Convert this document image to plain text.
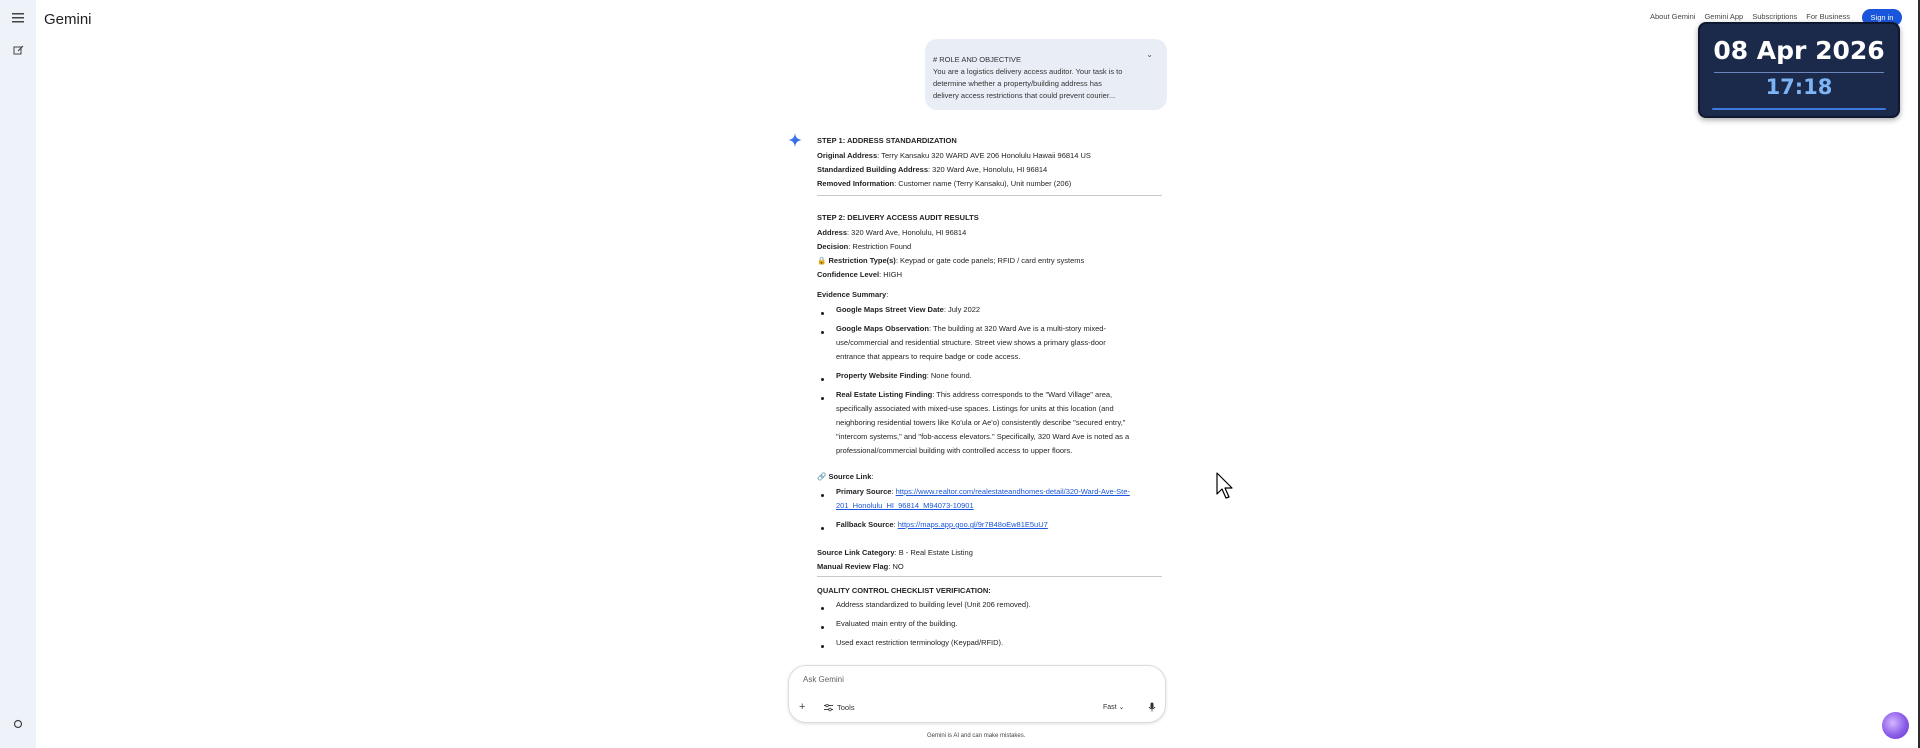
Gemini	About Gemini Gemini App Subscriptions For Business	Sign in
08 Apr 2026
17:18
⌄
# ROLE AND OBJECTIVE
You are a logistics delivery access auditor. Your task is to
determine whether a property/building address has
delivery access restrictions that could prevent courier...
STEP 1: ADDRESS STANDARDIZATION
Original Address: Terry Kansaku 320 WARD AVE 206 Honolulu Hawaii 96814 US
Standardized Building Address: 320 Ward Ave, Honolulu, HI 96814
Removed Information: Customer name (Terry Kansaku), Unit number (206)
STEP 2: DELIVERY ACCESS AUDIT RESULTS
Address: 320 Ward Ave, Honolulu, HI 96814
Decision: Restriction Found
🔒 Restriction Type(s): Keypad or gate code panels; RFID / card entry systems
Confidence Level: HIGH
Evidence Summary:
Google Maps Street View Date: July 2022
Google Maps Observation: The building at 320 Ward Ave is a multi-story mixed-
use/commercial and residential structure. Street view shows a primary glass-door
entrance that appears to require badge or code access.
Property Website Finding: None found.
Real Estate Listing Finding: This address corresponds to the "Ward Village" area,
specifically associated with mixed-use spaces. Listings for units at this location (and
neighboring residential towers like Ko'ula or Ae'o) consistently describe "secured entry,"
"intercom systems," and "fob-access elevators." Specifically, 320 Ward Ave is noted as a
professional/commercial building with controlled access to upper floors.
🔗 Source Link:
Primary Source: https://www.realtor.com/realestateandhomes-detail/320-Ward-Ave-Ste-
201_Honolulu_HI_96814_M94073-10901
Fallback Source: https://maps.app.goo.gl/9r7B48oEw81E5uU7
Source Link Category: B - Real Estate Listing
Manual Review Flag: NO
QUALITY CONTROL CHECKLIST VERIFICATION:
Address standardized to building level (Unit 206 removed).
Evaluated main entry of the building.
Used exact restriction terminology (Keypad/RFID).
Ask Gemini
+	Tools	Fast ⌄
Gemini is AI and can make mistakes.
